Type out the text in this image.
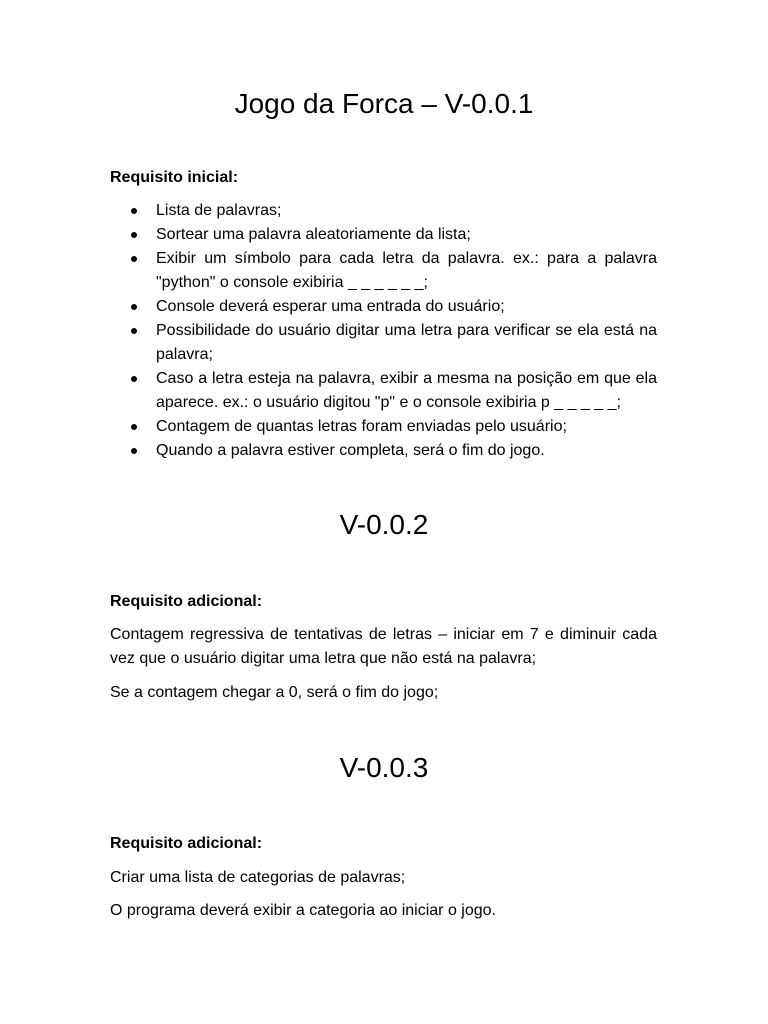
Jogo da Forca – V-0.0.1

Requisito inicial:

Lista de palavras;
Sortear uma palavra aleatoriamente da lista;
Exibir um símbolo para cada letra da palavra. ex.: para a palavra "python" o console exibiria _ _ _ _ _ _;
Console deverá esperar uma entrada do usuário;
Possibilidade do usuário digitar uma letra para verificar se ela está na palavra;
Caso a letra esteja na palavra, exibir a mesma na posição em que ela aparece. ex.: o usuário digitou "p" e o console exibiria p _ _ _ _ _;
Contagem de quantas letras foram enviadas pelo usuário;
Quando a palavra estiver completa, será o fim do jogo.
V-0.0.2

Requisito adicional:

Contagem regressiva de tentativas de letras – iniciar em 7 e diminuir cada vez que o usuário digitar uma letra que não está na palavra;

Se a contagem chegar a 0, será o fim do jogo;

V-0.0.3

Requisito adicional:

Criar uma lista de categorias de palavras;

O programa deverá exibir a categoria ao iniciar o jogo.
